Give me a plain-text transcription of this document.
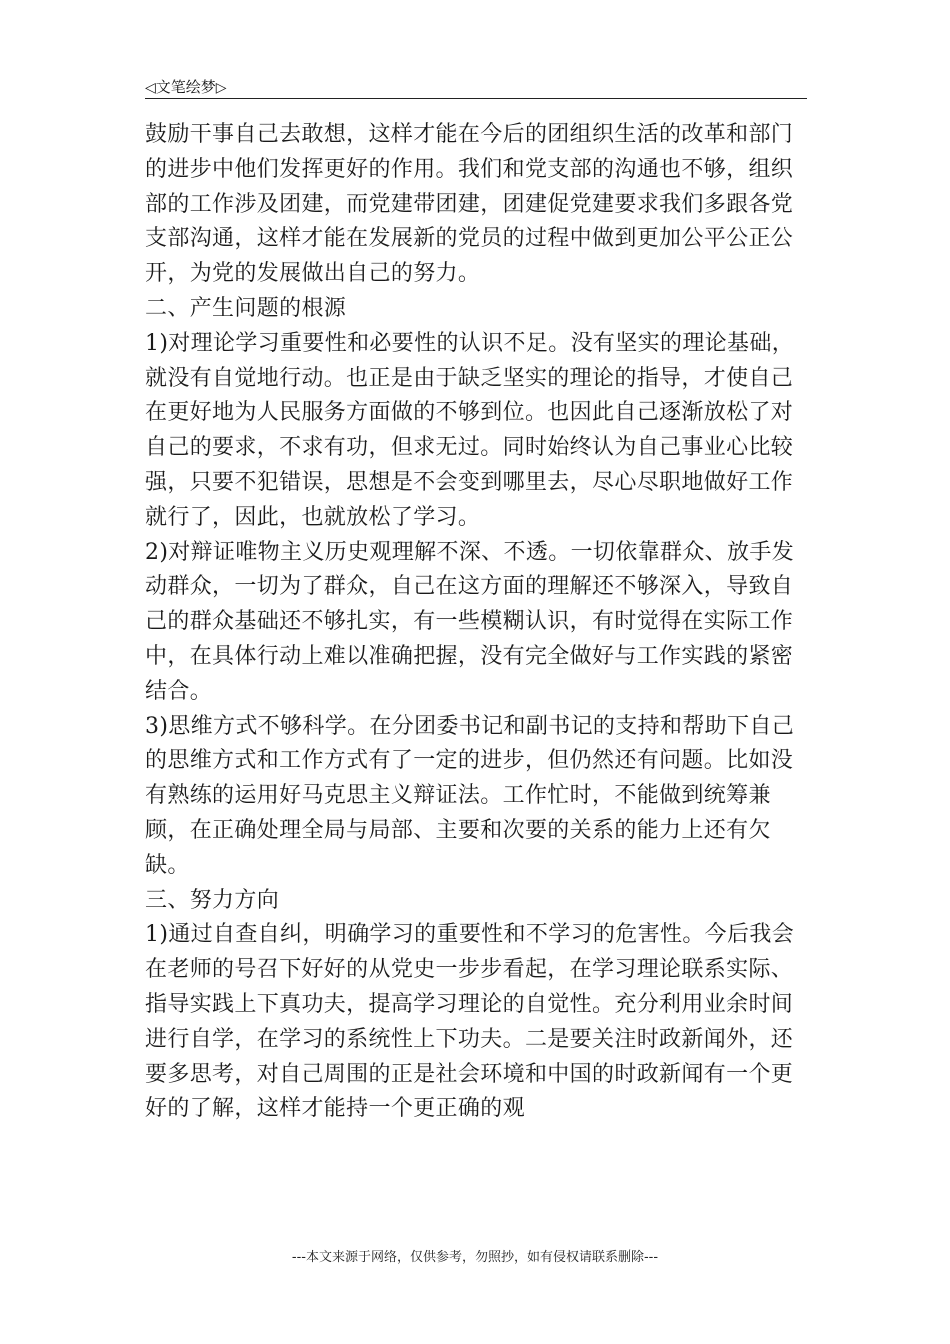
◁文笔绘梦▷

鼓励干事自己去敢想，这样才能在今后的团组织生活的改革和部门的进步中他们发挥更好的作用。我们和党支部的沟通也不够，组织部的工作涉及团建，而党建带团建，团建促党建要求我们多跟各党支部沟通，这样才能在发展新的党员的过程中做到更加公平公正公开，为党的发展做出自己的努力。

二、产生问题的根源

1)对理论学习重要性和必要性的认识不足。没有坚实的理论基础，就没有自觉地行动。也正是由于缺乏坚实的理论的指导，才使自己在更好地为人民服务方面做的不够到位。也因此自己逐渐放松了对自己的要求，不求有功，但求无过。同时始终认为自己事业心比较强，只要不犯错误，思想是不会变到哪里去，尽心尽职地做好工作就行了，因此，也就放松了学习。

2)对辩证唯物主义历史观理解不深、不透。一切依靠群众、放手发动群众，一切为了群众，自己在这方面的理解还不够深入，导致自己的群众基础还不够扎实，有一些模糊认识，有时觉得在实际工作中，在具体行动上难以准确把握，没有完全做好与工作实践的紧密结合。

3)思维方式不够科学。在分团委书记和副书记的支持和帮助下自己的思维方式和工作方式有了一定的进步，但仍然还有问题。比如没有熟练的运用好马克思主义辩证法。工作忙时，不能做到统筹兼顾，在正确处理全局与局部、主要和次要的关系的能力上还有欠缺。

三、努力方向

1)通过自查自纠，明确学习的重要性和不学习的危害性。今后我会在老师的号召下好好的从党史一步步看起，在学习理论联系实际、指导实践上下真功夫，提高学习理论的自觉性。充分利用业余时间进行自学，在学习的系统性上下功夫。二是要关注时政新闻外，还要多思考，对自己周围的正是社会环境和中国的时政新闻有一个更好的了解，这样才能持一个更正确的观

---本文来源于网络，仅供参考，勿照抄，如有侵权请联系删除---
